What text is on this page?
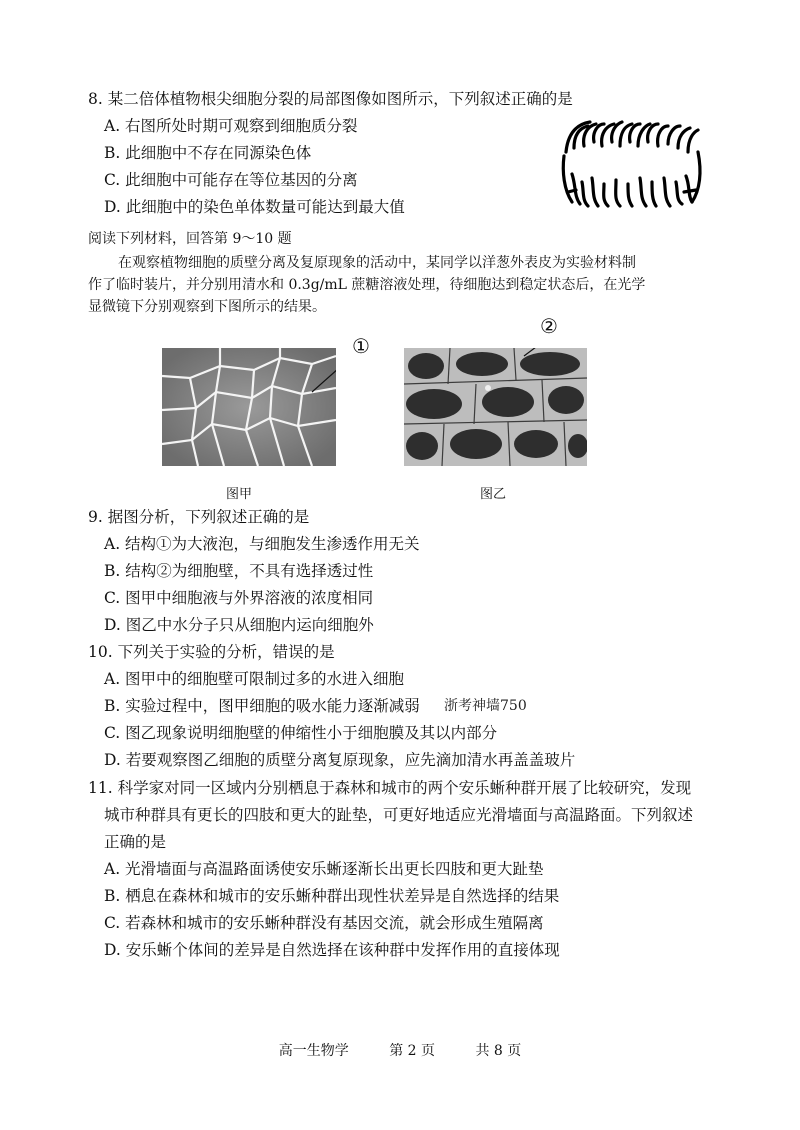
8. 某二倍体植物根尖细胞分裂的局部图像如图所示，下列叙述正确的是
A. 右图所处时期可观察到细胞质分裂
B. 此细胞中不存在同源染色体
C. 此细胞中可能存在等位基因的分离
D. 此细胞中的染色单体数量可能达到最大值
阅读下列材料，回答第 9～10 题
在观察植物细胞的质壁分离及复原现象的活动中，某同学以洋葱外表皮为实验材料制
作了临时装片，并分别用清水和 0.3g/mL 蔗糖溶液处理，待细胞达到稳定状态后，在光学
显微镜下分别观察到下图所示的结果。
①
图甲
②
图乙
9. 据图分析，下列叙述正确的是
A. 结构①为大液泡，与细胞发生渗透作用无关
B. 结构②为细胞壁，不具有选择透过性
C. 图甲中细胞液与外界溶液的浓度相同
D. 图乙中水分子只从细胞内运向细胞外
10. 下列关于实验的分析，错误的是
A. 图甲中的细胞壁可限制过多的水进入细胞
B. 实验过程中，图甲细胞的吸水能力逐渐减弱 浙考神墙750
C. 图乙现象说明细胞壁的伸缩性小于细胞膜及其以内部分
D. 若要观察图乙细胞的质壁分离复原现象，应先滴加清水再盖盖玻片
11. 科学家对同一区域内分别栖息于森林和城市的两个安乐蜥种群开展了比较研究，发现
城市种群具有更长的四肢和更大的趾垫，可更好地适应光滑墙面与高温路面。下列叙述
正确的是
A. 光滑墙面与高温路面诱使安乐蜥逐渐长出更长四肢和更大趾垫
B. 栖息在森林和城市的安乐蜥种群出现性状差异是自然选择的结果
C. 若森林和城市的安乐蜥种群没有基因交流，就会形成生殖隔离
D. 安乐蜥个体间的差异是自然选择在该种群中发挥作用的直接体现
高一生物学	第 2 页	共 8 页
